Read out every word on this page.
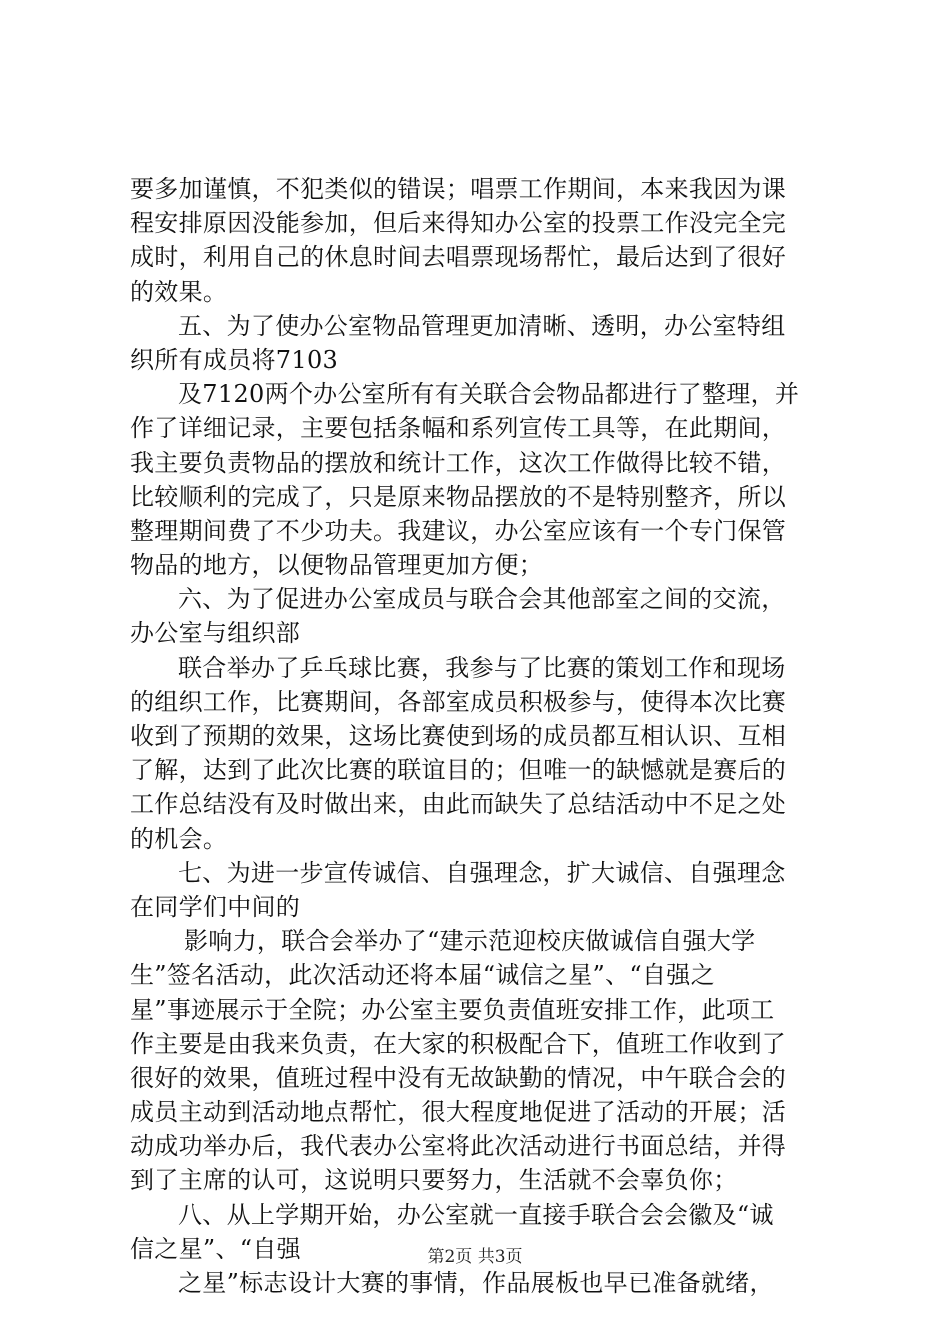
要多加谨慎，不犯类似的错误；唱票工作期间，本来我因为课
程安排原因没能参加，但后来得知办公室的投票工作没完全完
成时，利用自己的休息时间去唱票现场帮忙，最后达到了很好
的效果。
五、为了使办公室物品管理更加清晰、透明，办公室特组
织所有成员将7103
及7120两个办公室所有有关联合会物品都进行了整理，并
作了详细记录，主要包括条幅和系列宣传工具等，在此期间，
我主要负责物品的摆放和统计工作，这次工作做得比较不错，
比较顺利的完成了，只是原来物品摆放的不是特别整齐，所以
整理期间费了不少功夫。我建议，办公室应该有一个专门保管
物品的地方，以便物品管理更加方便；
六、为了促进办公室成员与联合会其他部室之间的交流，
办公室与组织部
联合举办了乒乓球比赛，我参与了比赛的策划工作和现场
的组织工作，比赛期间，各部室成员积极参与，使得本次比赛
收到了预期的效果，这场比赛使到场的成员都互相认识、互相
了解，达到了此次比赛的联谊目的；但唯一的缺憾就是赛后的
工作总结没有及时做出来，由此而缺失了总结活动中不足之处
的机会。
七、为进一步宣传诚信、自强理念，扩大诚信、自强理念
在同学们中间的
影响力，联合会举办了“建示范迎校庆做诚信自强大学
生”签名活动，此次活动还将本届“诚信之星”、“自强之
星”事迹展示于全院；办公室主要负责值班安排工作，此项工
作主要是由我来负责，在大家的积极配合下，值班工作收到了
很好的效果，值班过程中没有无故缺勤的情况，中午联合会的
成员主动到活动地点帮忙，很大程度地促进了活动的开展；活
动成功举办后，我代表办公室将此次活动进行书面总结，并得
到了主席的认可，这说明只要努力，生活就不会辜负你；
八、从上学期开始，办公室就一直接手联合会会徽及“诚
信之星”、“自强
之星”标志设计大赛的事情，作品展板也早已准备就绪，
第2页 共3页
